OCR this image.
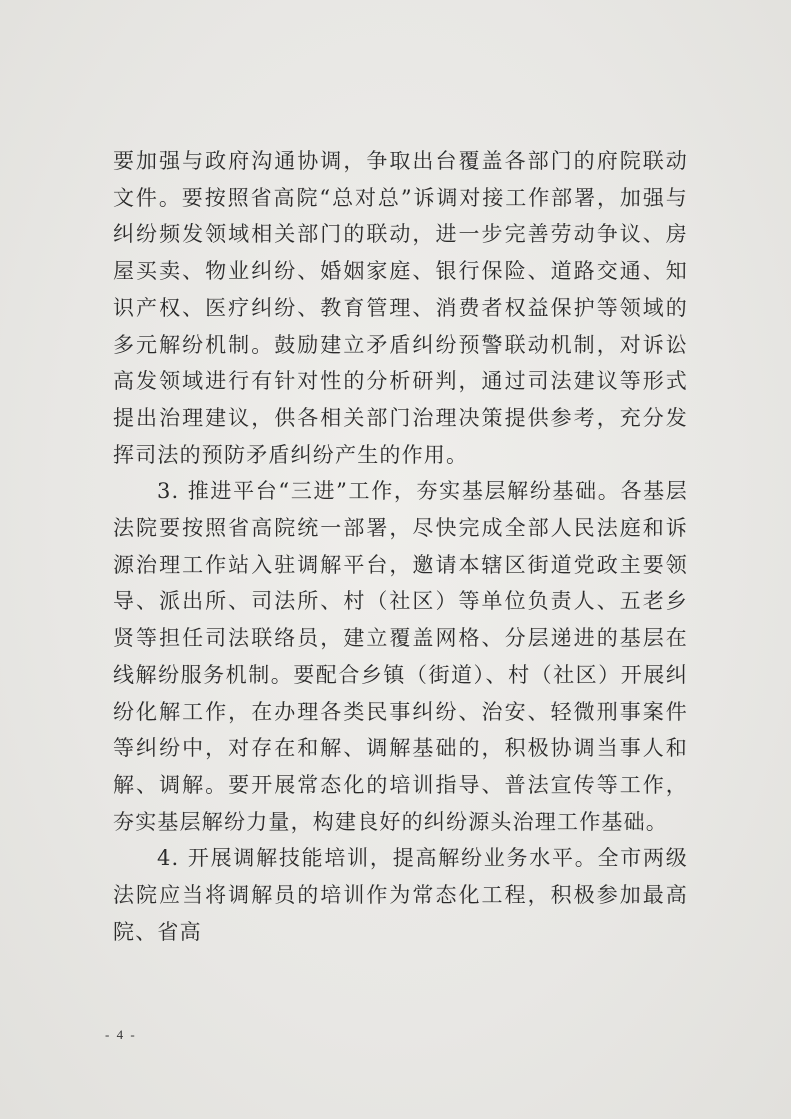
要加强与政府沟通协调，争取出台覆盖各部门的府院联动文件。要按照省高院“总对总”诉调对接工作部署，加强与纠纷频发领域相关部门的联动，进一步完善劳动争议、房屋买卖、物业纠纷、婚姻家庭、银行保险、道路交通、知识产权、医疗纠纷、教育管理、消费者权益保护等领域的多元解纷机制。鼓励建立矛盾纠纷预警联动机制，对诉讼高发领域进行有针对性的分析研判，通过司法建议等形式提出治理建议，供各相关部门治理决策提供参考，充分发挥司法的预防矛盾纠纷产生的作用。

3. 推进平台“三进”工作，夯实基层解纷基础。各基层法院要按照省高院统一部署，尽快完成全部人民法庭和诉源治理工作站入驻调解平台，邀请本辖区街道党政主要领导、派出所、司法所、村（社区）等单位负责人、五老乡贤等担任司法联络员，建立覆盖网格、分层递进的基层在线解纷服务机制。要配合乡镇（街道）、村（社区）开展纠纷化解工作，在办理各类民事纠纷、治安、轻微刑事案件等纠纷中，对存在和解、调解基础的，积极协调当事人和解、调解。要开展常态化的培训指导、普法宣传等工作，夯实基层解纷力量，构建良好的纠纷源头治理工作基础。

4. 开展调解技能培训，提高解纷业务水平。全市两级法院应当将调解员的培训作为常态化工程，积极参加最高院、省高

- 4 -
